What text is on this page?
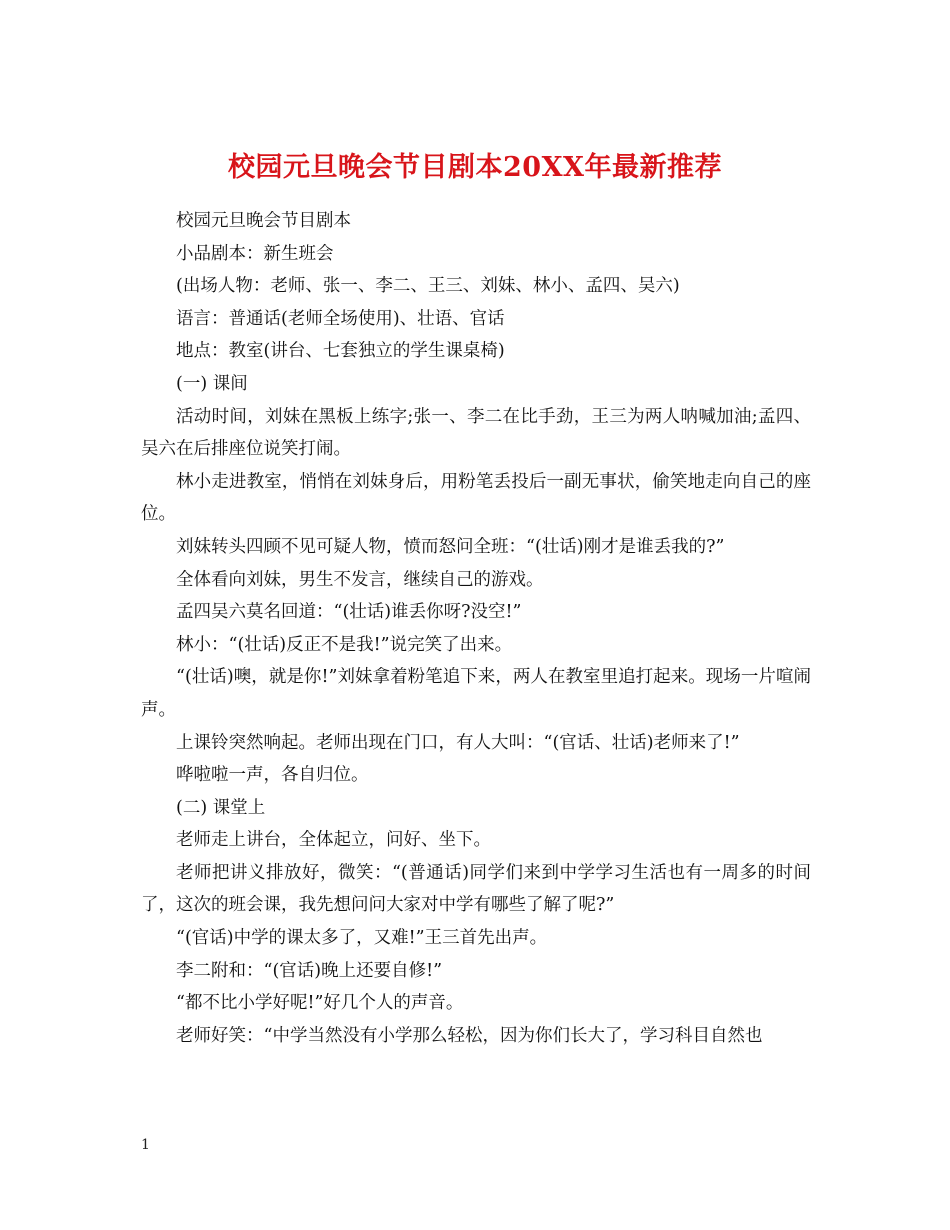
校园元旦晚会节目剧本20XX年最新推荐

校园元旦晚会节目剧本

小品剧本：新生班会

(出场人物：老师、张一、李二、王三、刘妹、林小、孟四、吴六)

语言：普通话(老师全场使用)、壮语、官话

地点：教室(讲台、七套独立的学生课桌椅)

(一) 课间

活动时间，刘妹在黑板上练字;张一、李二在比手劲，王三为两人呐喊加油;孟四、吴六在后排座位说笑打闹。

林小走进教室，悄悄在刘妹身后，用粉笔丢投后一副无事状，偷笑地走向自己的座位。

刘妹转头四顾不见可疑人物，愤而怒问全班：“(壮话)刚才是谁丢我的?”

全体看向刘妹，男生不发言，继续自己的游戏。

孟四吴六莫名回道：“(壮话)谁丢你呀?没空!”

林小：“(壮话)反正不是我!”说完笑了出来。

“(壮话)噢，就是你!”刘妹拿着粉笔追下来，两人在教室里追打起来。现场一片喧闹声。

上课铃突然响起。老师出现在门口，有人大叫：“(官话、壮话)老师来了!”

哗啦啦一声，各自归位。

(二) 课堂上

老师走上讲台，全体起立，问好、坐下。

老师把讲义排放好，微笑：“(普通话)同学们来到中学学习生活也有一周多的时间了，这次的班会课，我先想问问大家对中学有哪些了解了呢?”

“(官话)中学的课太多了，又难!”王三首先出声。

李二附和：“(官话)晚上还要自修!”

“都不比小学好呢!”好几个人的声音。

老师好笑：“中学当然没有小学那么轻松，因为你们长大了，学习科目自然也

1
